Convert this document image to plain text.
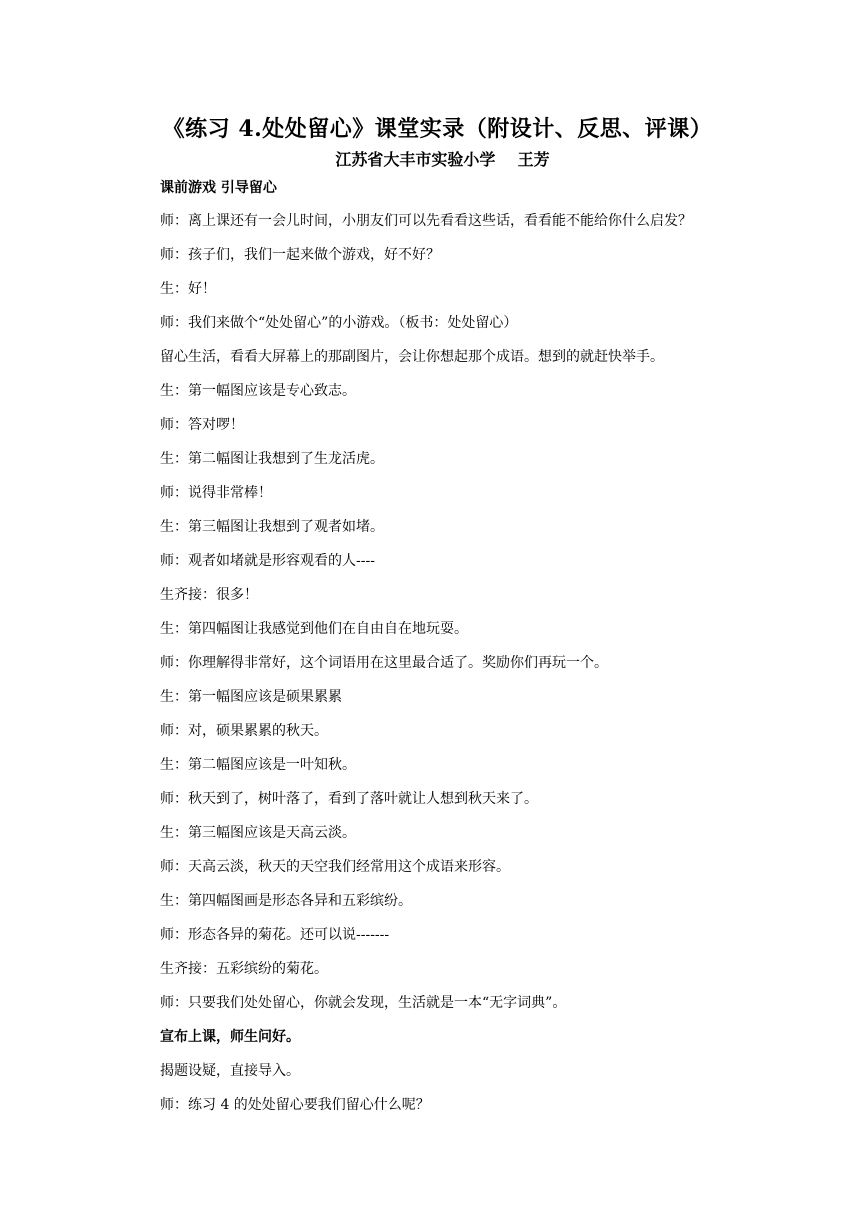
《练习 4.处处留心》课堂实录（附设计、反思、评课）

江苏省大丰市实验小学    王芳

课前游戏 引导留心

师：离上课还有一会儿时间，小朋友们可以先看看这些话，看看能不能给你什么启发？

师：孩子们，我们一起来做个游戏，好不好？

生：好！

师：我们来做个“处处留心”的小游戏。（板书：处处留心）

留心生活，看看大屏幕上的那副图片，会让你想起那个成语。想到的就赶快举手。

生：第一幅图应该是专心致志。

师：答对啰！

生：第二幅图让我想到了生龙活虎。

师：说得非常棒！

生：第三幅图让我想到了观者如堵。

师：观者如堵就是形容观看的人----

生齐接：很多！

生：第四幅图让我感觉到他们在自由自在地玩耍。

师：你理解得非常好，这个词语用在这里最合适了。奖励你们再玩一个。

生：第一幅图应该是硕果累累

师：对，硕果累累的秋天。

生：第二幅图应该是一叶知秋。

师：秋天到了，树叶落了，看到了落叶就让人想到秋天来了。

生：第三幅图应该是天高云淡。

师：天高云淡，秋天的天空我们经常用这个成语来形容。

生：第四幅图画是形态各异和五彩缤纷。

师：形态各异的菊花。还可以说-------

生齐接：五彩缤纷的菊花。

师：只要我们处处留心，你就会发现，生活就是一本“无字词典”。

宣布上课，师生问好。

揭题设疑，直接导入。

师：练习 4 的处处留心要我们留心什么呢？
